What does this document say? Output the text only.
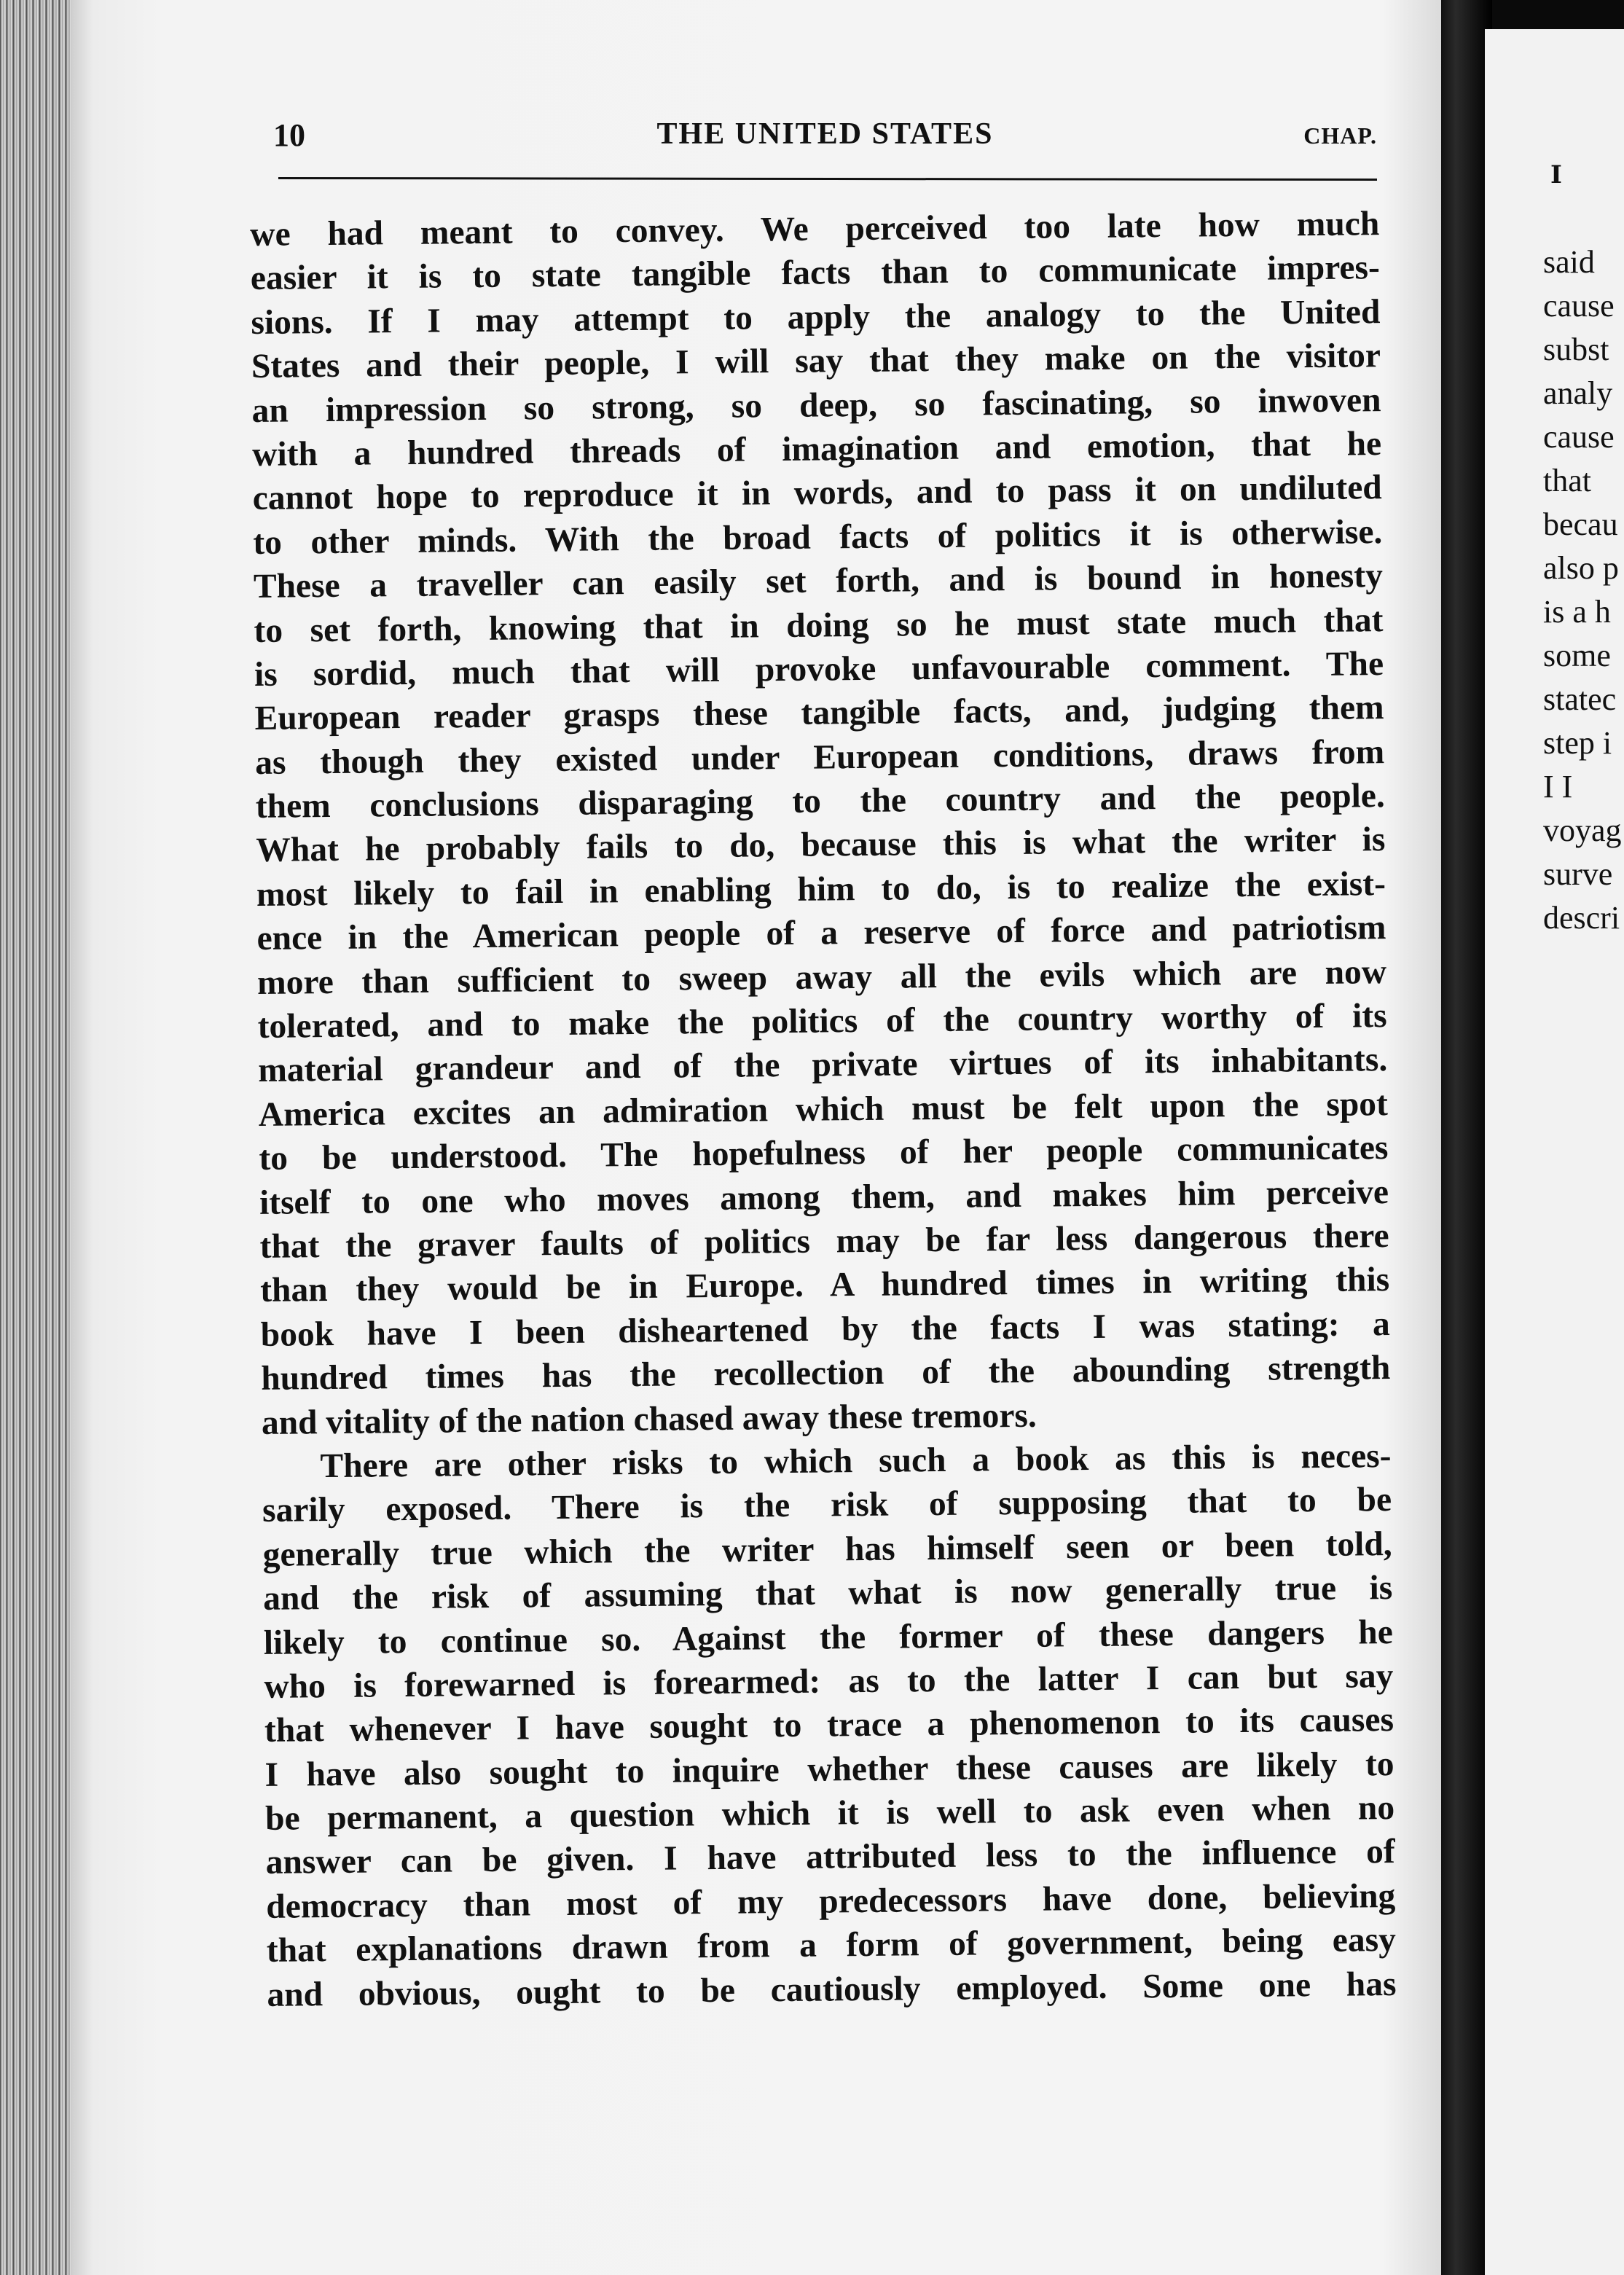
I
said
cause
subst
analy
cause
that
becau
also p
is a h
some
statec
step i
I I
voyag
surve
descri
10	THE UNITED STATES	CHAP.
we had meant to convey. We perceived too late how much
easier it is to state tangible facts than to communicate impres-
sions. If I may attempt to apply the analogy to the United
States and their people, I will say that they make on the visitor
an impression so strong, so deep, so fascinating, so inwoven
with a hundred threads of imagination and emotion, that he
cannot hope to reproduce it in words, and to pass it on undiluted
to other minds. With the broad facts of politics it is otherwise.
These a traveller can easily set forth, and is bound in honesty
to set forth, knowing that in doing so he must state much that
is sordid, much that will provoke unfavourable comment. The
European reader grasps these tangible facts, and, judging them
as though they existed under European conditions, draws from
them conclusions disparaging to the country and the people.
What he probably fails to do, because this is what the writer is
most likely to fail in enabling him to do, is to realize the exist-
ence in the American people of a reserve of force and patriotism
more than sufficient to sweep away all the evils which are now
tolerated, and to make the politics of the country worthy of its
material grandeur and of the private virtues of its inhabitants.
America excites an admiration which must be felt upon the spot
to be understood. The hopefulness of her people communicates
itself to one who moves among them, and makes him perceive
that the graver faults of politics may be far less dangerous there
than they would be in Europe. A hundred times in writing this
book have I been disheartened by the facts I was stating: a
hundred times has the recollection of the abounding strength
and vitality of the nation chased away these tremors.
There are other risks to which such a book as this is neces-
sarily exposed. There is the risk of supposing that to be
generally true which the writer has himself seen or been told,
and the risk of assuming that what is now generally true is
likely to continue so. Against the former of these dangers he
who is forewarned is forearmed: as to the latter I can but say
that whenever I have sought to trace a phenomenon to its causes
I have also sought to inquire whether these causes are likely to
be permanent, a question which it is well to ask even when no
answer can be given. I have attributed less to the influence of
democracy than most of my predecessors have done, believing
that explanations drawn from a form of government, being easy
and obvious, ought to be cautiously employed. Some one has
